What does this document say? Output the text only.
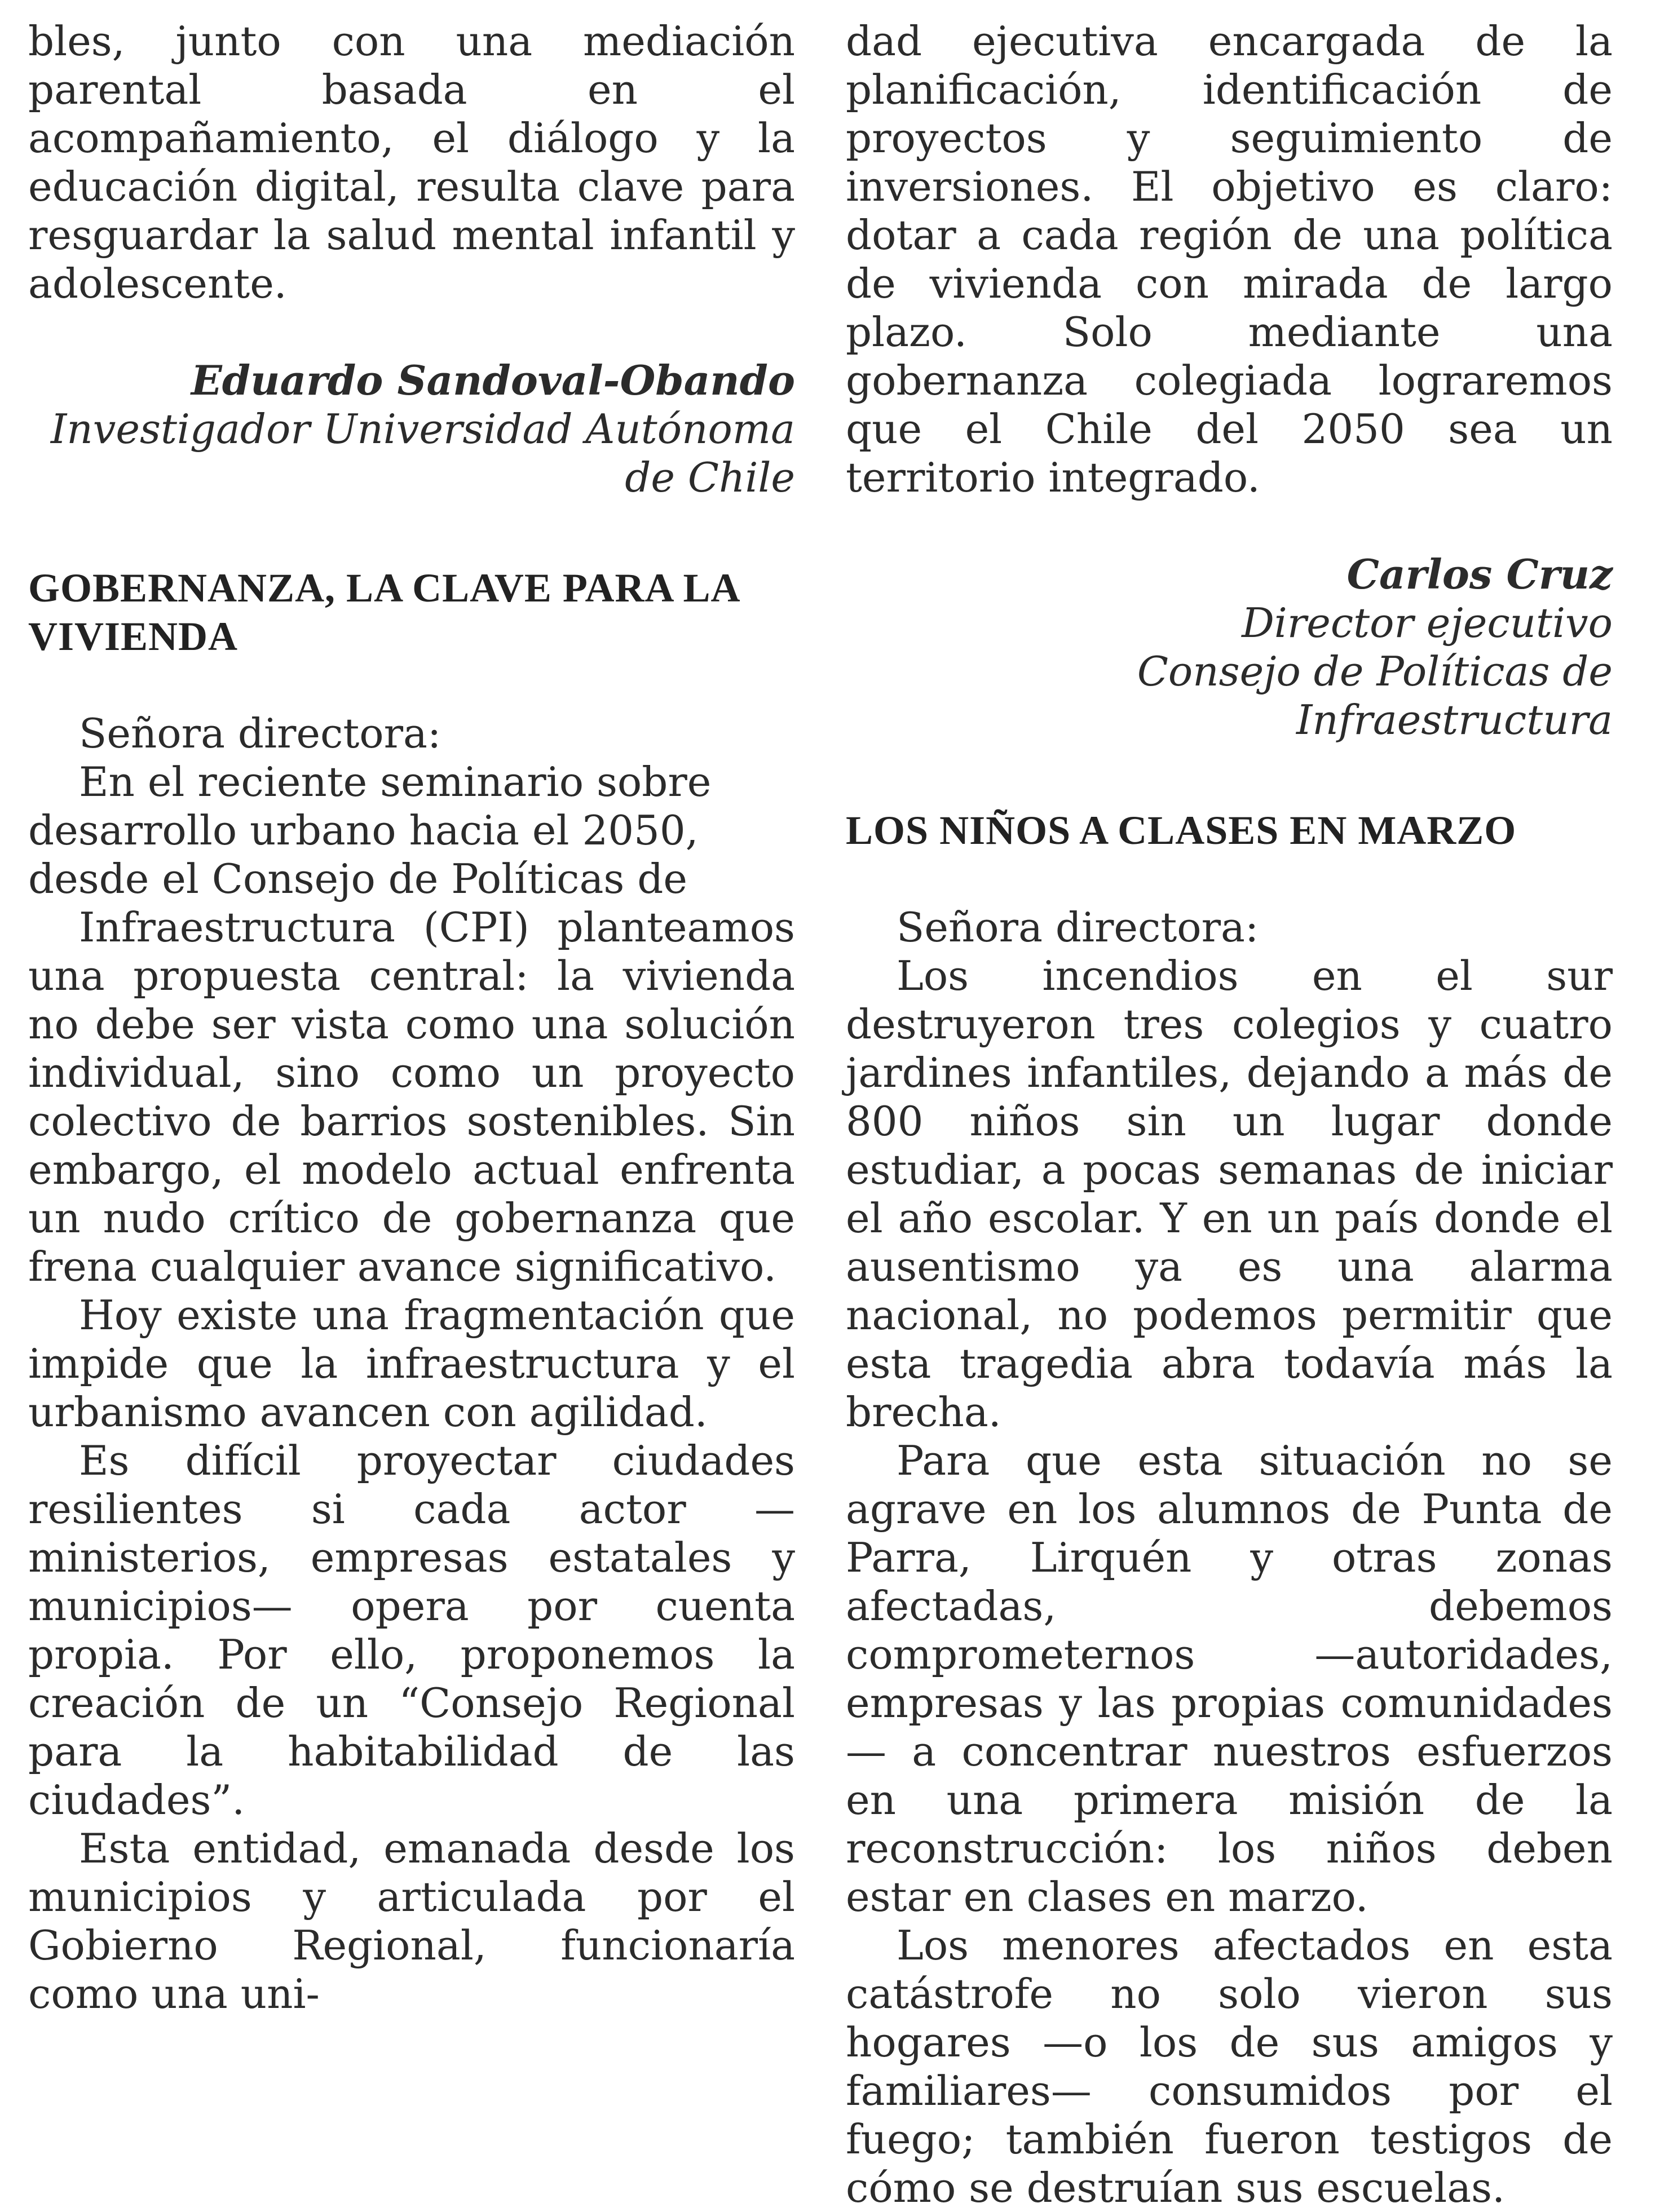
bles, junto con una mediación parental basada en el acompañamiento, el diálogo y la educación digital, resulta clave para resguardar la salud mental infantil y adolescente.

Eduardo Sandoval-Obando

Investigador Universidad Autónoma

de Chile

GOBERNANZA, LA CLAVE PARA LA VIVIENDA

Señora directora:

En el reciente seminario sobre desarrollo urbano hacia el 2050, desde el Consejo de Políticas de

Infraestructura (CPI) planteamos una propuesta central: la vivienda no debe ser vista como una solución individual, sino como un proyecto colectivo de barrios sostenibles. Sin embargo, el modelo actual enfrenta un nudo crítico de gobernanza que frena cualquier avance significativo.

Hoy existe una fragmentación que impide que la infraestructura y el urbanismo avancen con agilidad.

Es difícil proyectar ciudades resilientes si cada actor —ministerios, empresas estatales y municipios— opera por cuenta propia. Por ello, proponemos la creación de un “Consejo Regional para la habitabilidad de las ciudades”.

Esta entidad, emanada desde los municipios y articulada por el Gobierno Regional, funcionaría como una uni-

dad ejecutiva encargada de la planificación, identificación de proyectos y seguimiento de inversiones. El objetivo es claro: dotar a cada región de una política de vivienda con mirada de largo plazo. Solo mediante una gobernanza colegiada lograremos que el Chile del 2050 sea un territorio integrado.

Carlos Cruz

Director ejecutivo

Consejo de Políticas de Infraestructura

LOS NIÑOS A CLASES EN MARZO

Señora directora:

Los incendios en el sur destruyeron tres colegios y cuatro jardines infantiles, dejando a más de 800 niños sin un lugar donde estudiar, a pocas semanas de iniciar el año escolar. Y en un país donde el ausentismo ya es una alarma nacional, no podemos permitir que esta tragedia abra todavía más la brecha.

Para que esta situación no se agrave en los alumnos de Punta de Parra, Lirquén y otras zonas afectadas, debemos comprometernos —autoridades, empresas y las propias comunidades— a concentrar nuestros esfuerzos en una primera misión de la reconstrucción: los niños deben estar en clases en marzo.

Los menores afectados en esta catástrofe no solo vieron sus hogares —o los de sus amigos y familiares— consumidos por el fuego; también fueron testigos de cómo se destruían sus escuelas.
